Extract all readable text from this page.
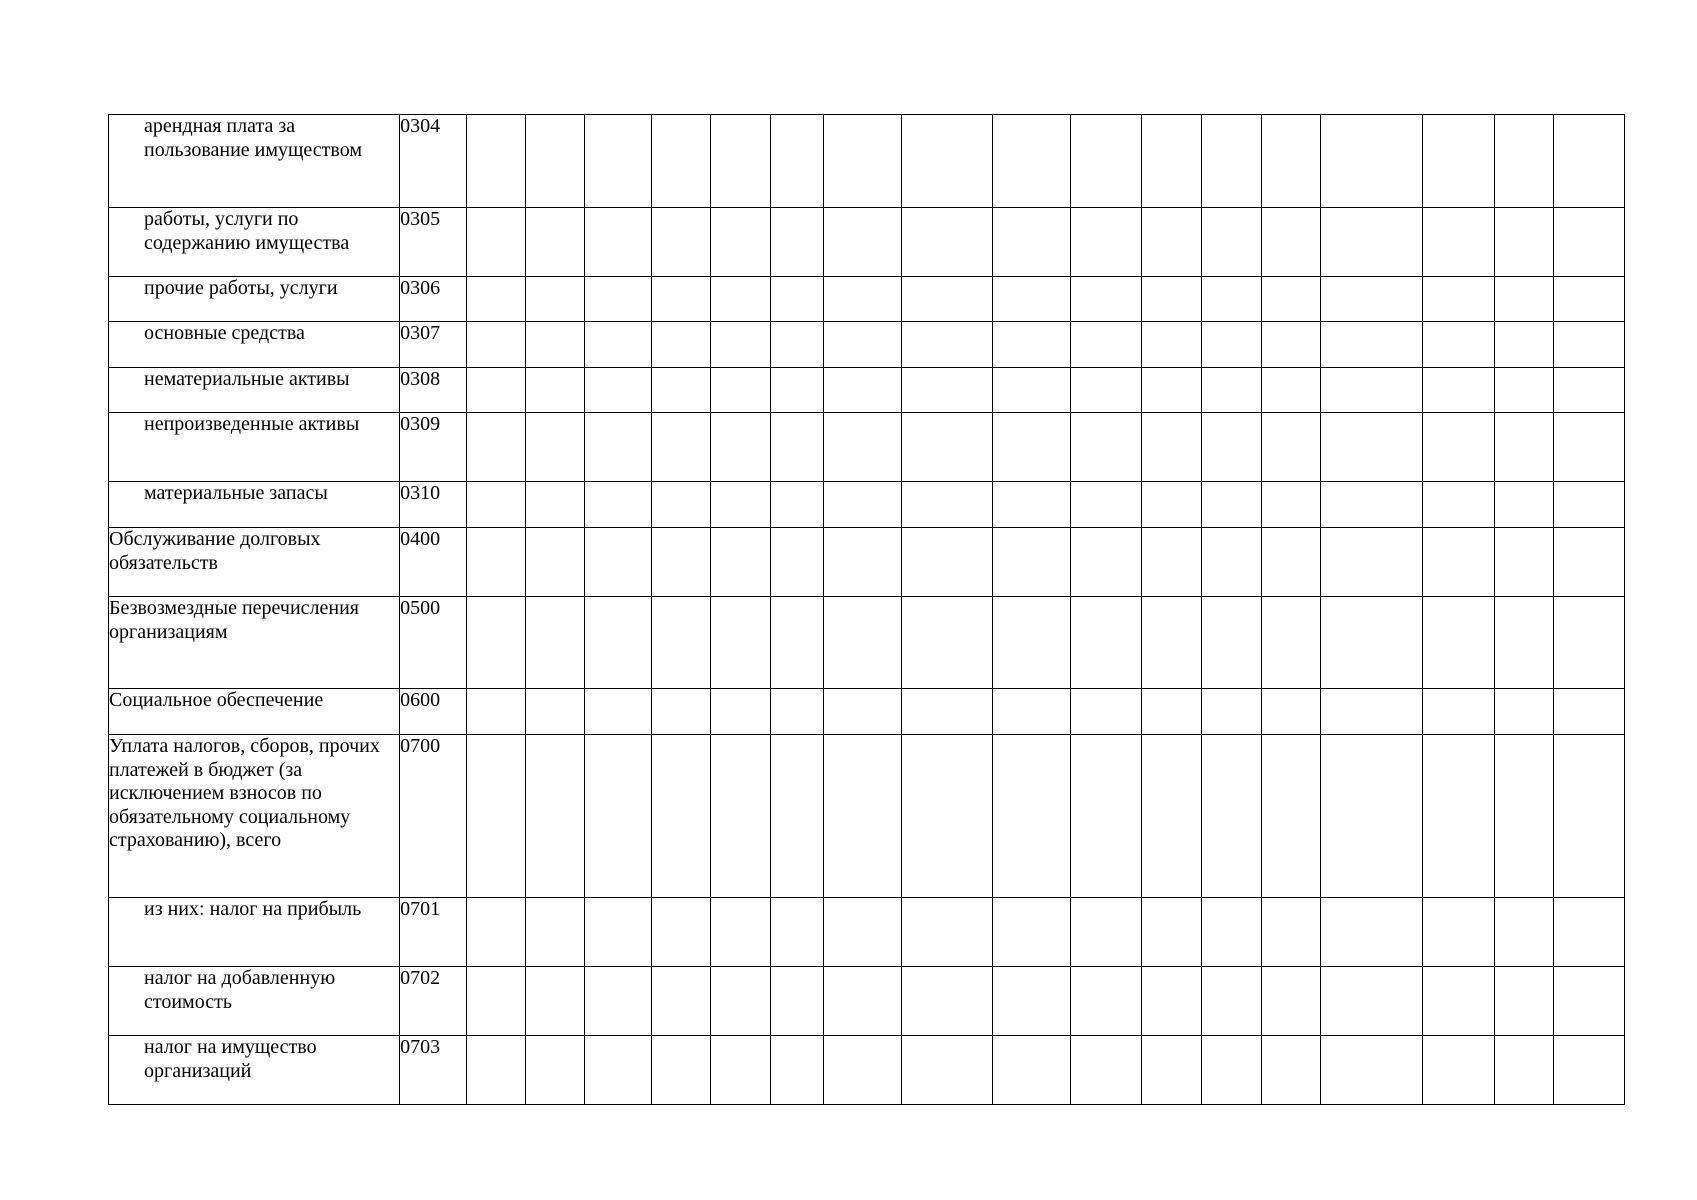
арендная плата за пользование имуществом	0304																	
работы, услуги по содержанию имущества	0305																	
прочие работы, услуги	0306																	
основные средства	0307																	
нематериальные активы	0308																	
непроизведенные активы	0309																	
материальные запасы	0310																	
Обслуживание долговых обязательств	0400																	
Безвозмездные перечисления организациям	0500																	
Социальное обеспечение	0600																	
Уплата налогов, сборов, прочих платежей в бюджет (за исключением взносов по обязательному социальному страхованию), всего	0700																	
из них: налог на прибыль	0701																	
налог на добавленную стоимость	0702																	
налог на имущество организаций	0703																	
